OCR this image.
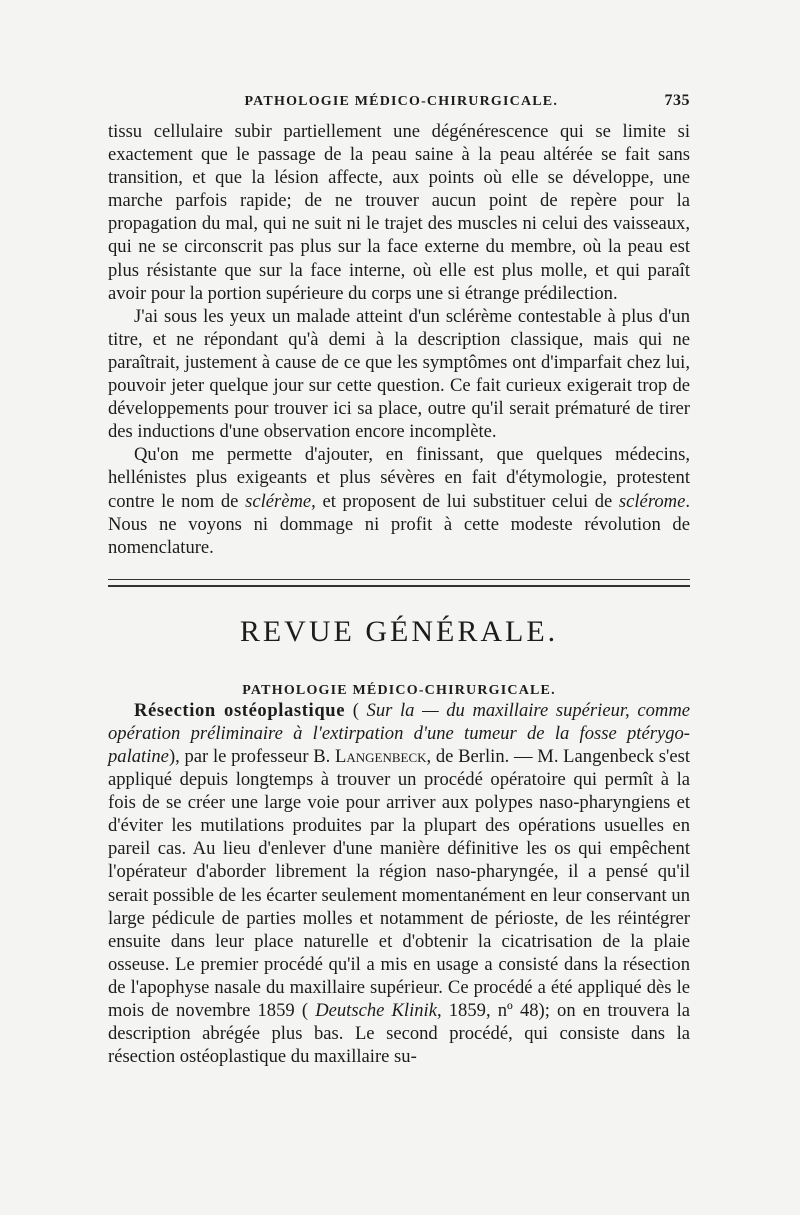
PATHOLOGIE MÉDICO-CHIRURGICALE.	735

tissu cellulaire subir partiellement une dégénérescence qui se limite si exactement que le passage de la peau saine à la peau altérée se fait sans transition, et que la lésion affecte, aux points où elle se développe, une marche parfois rapide; de ne trouver aucun point de repère pour la propagation du mal, qui ne suit ni le trajet des muscles ni celui des vaisseaux, qui ne se circonscrit pas plus sur la face externe du membre, où la peau est plus résistante que sur la face interne, où elle est plus molle, et qui paraît avoir pour la portion supérieure du corps une si étrange prédilection.

J'ai sous les yeux un malade atteint d'un sclérème contestable à plus d'un titre, et ne répondant qu'à demi à la description classique, mais qui ne paraîtrait, justement à cause de ce que les symptômes ont d'imparfait chez lui, pouvoir jeter quelque jour sur cette question. Ce fait curieux exigerait trop de développements pour trouver ici sa place, outre qu'il serait prématuré de tirer des inductions d'une observation encore incomplète.

Qu'on me permette d'ajouter, en finissant, que quelques médecins, hellénistes plus exigeants et plus sévères en fait d'étymologie, protestent contre le nom de sclérème, et proposent de lui substituer celui de sclérome. Nous ne voyons ni dommage ni profit à cette modeste révolution de nomenclature.

REVUE GÉNÉRALE.
PATHOLOGIE MÉDICO-CHIRURGICALE.

Résection ostéoplastique ( Sur la — du maxillaire supérieur, comme opération préliminaire à l'extirpation d'une tumeur de la fosse ptérygo-palatine), par le professeur B. Langenbeck, de Berlin. — M. Langenbeck s'est appliqué depuis longtemps à trouver un procédé opératoire qui permît à la fois de se créer une large voie pour arriver aux polypes naso-pharyngiens et d'éviter les mutilations produites par la plupart des opérations usuelles en pareil cas. Au lieu d'enlever d'une manière définitive les os qui empêchent l'opérateur d'aborder librement la région naso-pharyngée, il a pensé qu'il serait possible de les écarter seulement momentanément en leur conservant un large pédicule de parties molles et notamment de périoste, de les réintégrer ensuite dans leur place naturelle et d'obtenir la cicatrisation de la plaie osseuse. Le premier procédé qu'il a mis en usage a consisté dans la résection de l'apophyse nasale du maxillaire supérieur. Ce procédé a été appliqué dès le mois de novembre 1859 ( Deutsche Klinik, 1859, nº 48); on en trouvera la description abrégée plus bas. Le second procédé, qui consiste dans la résection ostéoplastique du maxillaire su-
